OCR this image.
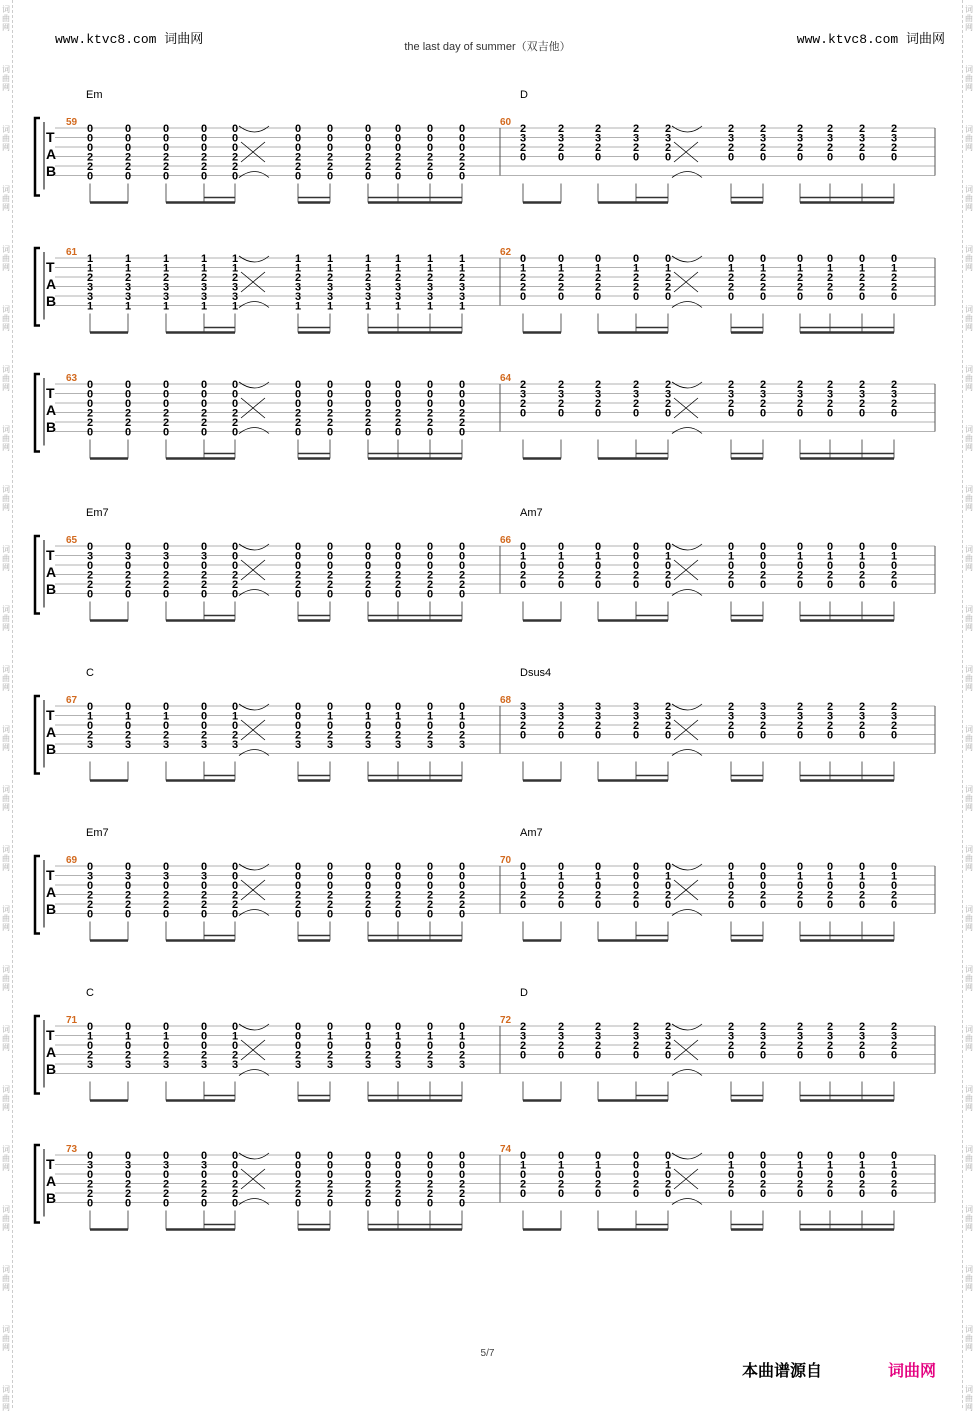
词
曲
网
词
曲
网
词
曲
网
词
曲
网
词
曲
网
词
曲
网
词
曲
网
词
曲
网
词
曲
网
词
曲
网
词
曲
网
词
曲
网
词
曲
网
词
曲
网
词
曲
网
词
曲
网
词
曲
网
词
曲
网
词
曲
网
词
曲
网
词
曲
网
词
曲
网
词
曲
网
词
曲
网
词
曲
网
词
曲
网
词
曲
网
词
曲
网
词
曲
网
词
曲
网
词
曲
网
词
曲
网
词
曲
网
词
曲
网
词
曲
网
词
曲
网
词
曲
网
词
曲
网
词
曲
网
词
曲
网
词
曲
网
词
曲
网
词
曲
网
词
曲
网
词
曲
网
词
曲
网
词
曲
网
词
曲
网
www.ktvc8.com 词曲网	www.ktvc8.com 词曲网
the last day of summer（双吉他）
T
A
B
59
Em
0
0
0
2
2
0
0
0
0
2
2
0
0
0
0
2
2
0
0
0
0
2
2
0
0
0
0
2
2
0
0
0
0
2
2
0
0
0
0
2
2
0
0
0
0
2
2
0
0
0
0
2
2
0
0
0
0
2
2
0
0
0
0
2
2
0
60
D
2
3
2
0
2
3
2
0
2
3
2
0
2
3
2
0
2
3
2
0
2
3
2
0
2
3
2
0
2
3
2
0
2
3
2
0
2
3
2
0
2
3
2
0
T
A
B
61
1
1
2
3
3
1
1
1
2
3
3
1
1
1
2
3
3
1
1
1
2
3
3
1
1
1
2
3
3
1
1
1
2
3
3
1
1
1
2
3
3
1
1
1
2
3
3
1
1
1
2
3
3
1
1
1
2
3
3
1
1
1
2
3
3
1
62
0
1
2
2
0
0
1
2
2
0
0
1
2
2
0
0
1
2
2
0
0
1
2
2
0
0
1
2
2
0
0
1
2
2
0
0
1
2
2
0
0
1
2
2
0
0
1
2
2
0
0
1
2
2
0
T
A
B
63
0
0
0
2
2
0
0
0
0
2
2
0
0
0
0
2
2
0
0
0
0
2
2
0
0
0
0
2
2
0
0
0
0
2
2
0
0
0
0
2
2
0
0
0
0
2
2
0
0
0
0
2
2
0
0
0
0
2
2
0
0
0
0
2
2
0
64
2
3
2
0
2
3
2
0
2
3
2
0
2
3
2
0
2
3
2
0
2
3
2
0
2
3
2
0
2
3
2
0
2
3
2
0
2
3
2
0
2
3
2
0
T
A
B
65
Em7
0
3
0
2
2
0
0
3
0
2
2
0
0
3
0
2
2
0
0
3
0
2
2
0
0
0
0
2
2
0
0
0
0
2
2
0
0
0
0
2
2
0
0
0
0
2
2
0
0
0
0
2
2
0
0
0
0
2
2
0
0
0
0
2
2
0
66
Am7
0
1
0
2
0
0
1
0
2
0
0
1
0
2
0
0
0
0
2
0
0
1
0
2
0
0
1
0
2
0
0
0
0
2
0
0
1
0
2
0
0
1
0
2
0
0
1
0
2
0
0
1
0
2
0
T
A
B
67
C
0
1
0
2
3
0
1
0
2
3
0
1
0
2
3
0
0
0
2
3
0
1
0
2
3
0
0
0
2
3
0
1
0
2
3
0
1
0
2
3
0
1
0
2
3
0
1
0
2
3
0
1
0
2
3
68
Dsus4
3
3
2
0
3
3
2
0
3
3
2
0
3
3
2
0
2
3
2
0
2
3
2
0
3
3
2
0
2
3
2
0
2
3
2
0
2
3
2
0
2
3
2
0
T
A
B
69
Em7
0
3
0
2
2
0
0
3
0
2
2
0
0
3
0
2
2
0
0
3
0
2
2
0
0
0
0
2
2
0
0
0
0
2
2
0
0
0
0
2
2
0
0
0
0
2
2
0
0
0
0
2
2
0
0
0
0
2
2
0
0
0
0
2
2
0
70
Am7
0
1
0
2
0
0
1
0
2
0
0
1
0
2
0
0
0
0
2
0
0
1
0
2
0
0
1
0
2
0
0
0
0
2
0
0
1
0
2
0
0
1
0
2
0
0
1
0
2
0
0
1
0
2
0
T
A
B
71
C
0
1
0
2
3
0
1
0
2
3
0
1
0
2
3
0
0
0
2
3
0
1
0
2
3
0
0
0
2
3
0
1
0
2
3
0
1
0
2
3
0
1
0
2
3
0
1
0
2
3
0
1
0
2
3
72
D
2
3
2
0
2
3
2
0
2
3
2
0
2
3
2
0
2
3
2
0
2
3
2
0
2
3
2
0
2
3
2
0
2
3
2
0
2
3
2
0
2
3
2
0
T
A
B
73
0
3
0
2
2
0
0
3
0
2
2
0
0
3
0
2
2
0
0
3
0
2
2
0
0
0
0
2
2
0
0
0
0
2
2
0
0
0
0
2
2
0
0
0
0
2
2
0
0
0
0
2
2
0
0
0
0
2
2
0
0
0
0
2
2
0
74
0
1
0
2
0
0
1
0
2
0
0
1
0
2
0
0
0
0
2
0
0
1
0
2
0
0
1
0
2
0
0
0
0
2
0
0
1
0
2
0
0
1
0
2
0
0
1
0
2
0
0
1
0
2
0
5/7
本曲谱源自	词曲网
